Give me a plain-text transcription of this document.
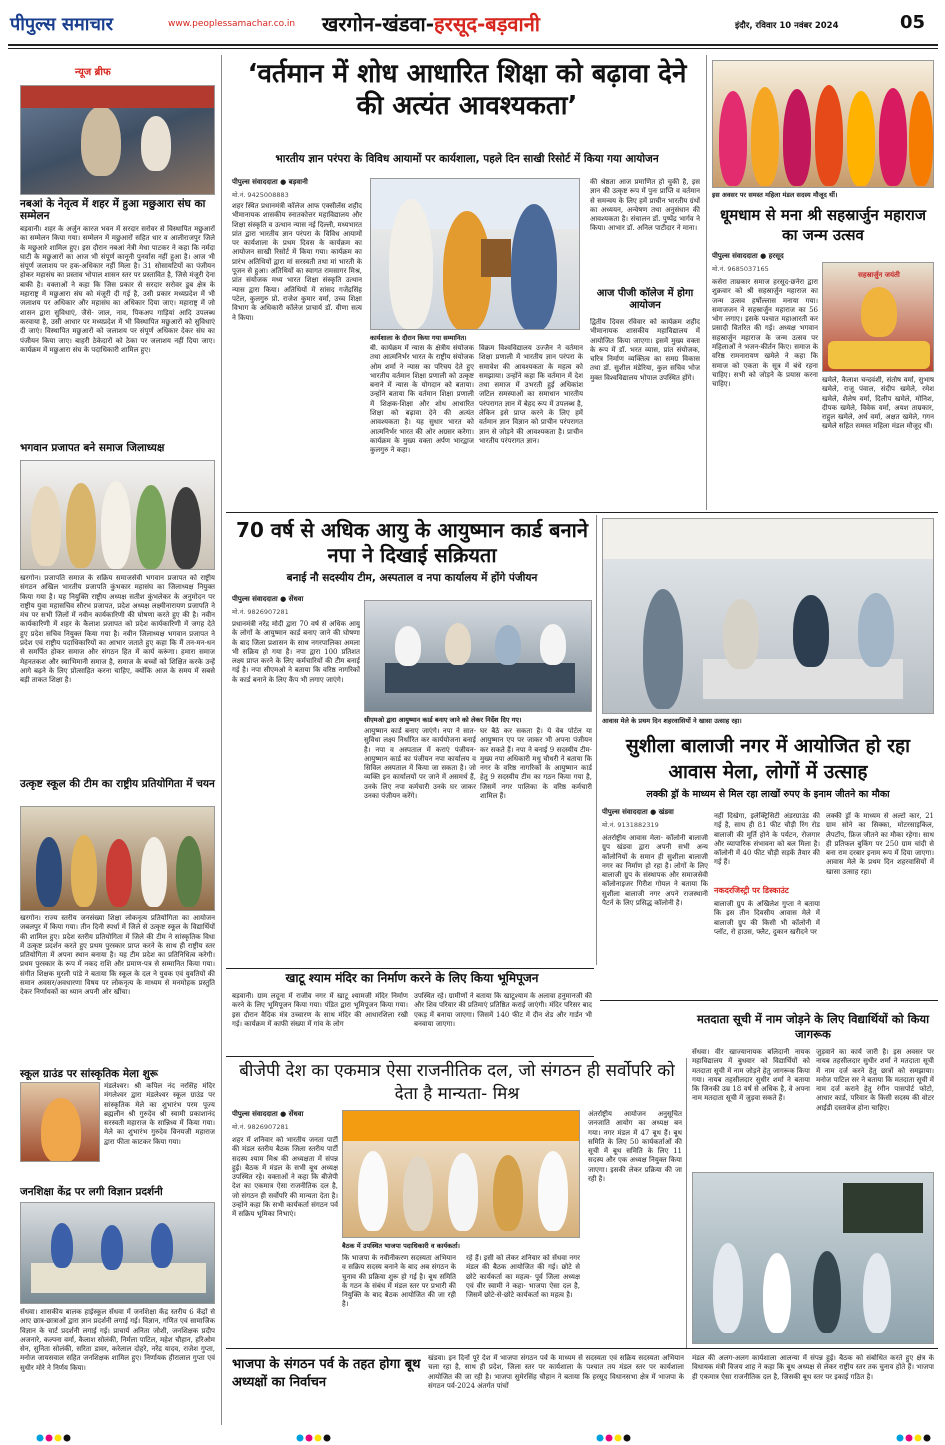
पीपुल्स समाचार	www.peoplessamachar.co.in खरगोन-खंडवा-हरसूद-बड़वानी	इंदौर, रविवार 10 नवंबर 2024	05
न्यूज ब्रीफ
नबआं के नेतृत्व में शहर में हुआ मछुआरा संघ का सम्मेलन
बड़वानी। शहर के अर्जुन कारज भवन में सरदार सरोवर से विस्थापित मछुआरों का सम्मेलन किया गया। सम्मेलन में मछुआरों सहित धार व आलीराजपुर जिले के मछुआरे शामिल हुए। इस दौरान नबआं नेत्री मेधा पाटकर ने कहा कि नर्मदा घाटी के मछुआरों का आज भी संपूर्ण कानूनी पुनर्वास नहीं हुआ है। आज भी संपूर्ण जलाशय पर हक-अधिकार नहीं मिला है। 31 सोसायटियों का पंजीयन होकर महासंघ का प्रस्ताव भोपाल शासन स्तर पर प्रस्तावित है, जिसे मंजूरी देना बाकी है। वक्ताओं ने कहा कि जिस प्रकार से सरदार सरोवर डूब क्षेत्र के महाराष्ट्र में मछुआरा संघ को मंजूरी दी गई है, उसी प्रकार मध्यप्रदेश में भी जलाशय पर अधिकार और महासंघ का अधिकार दिया जाए। महाराष्ट्र में जो शासन द्वारा सुविधाएं, जैसे- जाल, नाव, पिकअप गाड़ियां आदि उपलब्ध करवाया है, उसी आधार पर मध्यप्रदेश में भी विस्थापित मछुआरों को सुविधाएं दी जाएं। विस्थापित मछुआरों को जलाशय पर संपूर्ण अधिकार देकर संघ का पंजीयन किया जाए। बाहरी ठेकेदारों को ठेका पर जलाशय नहीं दिया जाए। कार्यक्रम में मछुआरा संघ के पदाधिकारी शामिल हुए।
भगवान प्रजापत बने समाज जिलाध्यक्ष
खरगोन। प्रजापति समाज के सक्रिय समाजसेवी भगवान प्रजापत को राष्ट्रीय संगठन अखिल भारतीय प्रजापति कुंभकार महासंघ का जिलाध्यक्ष नियुक्त किया गया है। यह नियुक्ति राष्ट्रीय अध्यक्ष सतीश कुंभलेकर के अनुमोदन पर राष्ट्रीय युवा महासचिव सौरभ प्रजापत, प्रदेश अध्यक्ष लक्ष्मीनारायण प्रजापति ने मंच पर सभी जिलों में नवीन कार्यकारिणी की घोषणा करते हुए की है। नवीन कार्यकारिणी में शहर के कैलाश प्रजापत को प्रदेश कार्यकारिणी में जगह देते हुए प्रदेश सचिव नियुक्त किया गया है। नवीन जिलाध्यक्ष भगवान प्रजापत ने प्रदेश एवं राष्ट्रीय पदाधिकारियों का आभार जताते हुए कहा कि मैं तन-मन-धन से समर्पित होकर समाज और संगठन हित में कार्य करूंगा। हमारा समाज मेहनतकश और स्वाभिमानी समाज है, समाज के बच्चों को शिक्षित करके उन्हें आगे बढ़ने के लिए प्रोत्साहित करना चाहिए, क्योंकि आज के समय में सबसे बड़ी ताकत शिक्षा है।
उत्कृष्ट स्कूल की टीम का राष्ट्रीय प्रतियोगिता में चयन
खरगोन। राज्य स्तरीय जनसंख्या शिक्षा लोकनृत्य प्रतियोगिता का आयोजन जबलपुर में किया गया। तीन दिनी स्पर्धा में जिले से उत्कृष्ट स्कूल के विद्यार्थियों की शामिल हुए। प्रदेश स्तरीय प्रतियोगिता में जिले की टीम ने सांस्कृतिक विधा में उत्कृष्ट प्रदर्शन करते हुए प्रथम पुरस्कार प्राप्त करने के साथ ही राष्ट्रीय स्तर प्रतियोगिता में अपना स्थान बनाया है। यह टीम प्रदेश का प्रतिनिधित्व करेगी। प्रथम पुरस्कार के रूप में नकद राशि और प्रमाण-पत्र से सम्मानित किया गया। संगीत शिक्षक मुरली पांडे ने बताया कि स्कूल के दल ने युवक एवं युवतियों की समान अवसर/अवधारणा विषय पर लोकनृत्य के माध्यम से मनमोहक प्रस्तुति देकर निर्णायकों का ध्यान अपनी ओर खींचा।
स्कूल ग्राउंड पर सांस्कृतिक मेला शुरू
मंडलेश्वर। श्री कपिल नंद नरसिंह मंदिर मंगलेश्वर द्वारा मंडलेश्वर स्कूल ग्राउंड पर सांस्कृतिक मेले का शुभारंभ परम पूज्य ब्रह्मलीन श्री गुरुदेव श्री स्वामी प्रकाशानंद सरस्वती महाराज के सान्निध्य में किया गया। मेले का शुभारंभ गुरुदेव विनयजी महाराज द्वारा फीता काटकर किया गया।
जनशिक्षा केंद्र पर लगी विज्ञान प्रदर्शनी
सेंधवा। शासकीय बालक हाईस्कूल सेंधवा में जनशिक्षा केंद्र स्तरीय 6 केंद्रों से आए छात्र-छात्राओं द्वारा ज्ञान प्रदर्शनी लगाई गई। विज्ञान, गणित एवं सामाजिक विज्ञान के चार्ट प्रदर्शनी लगाई गई। प्राचार्य अनिता जोशी, जनशिक्षक प्रदीप अजनारे, कल्पना वर्मा, कैलाश सोलंकी, निर्मला पाटिल, महेश चौहान, हरिओम सेन, सुनिता सोलंकी, सरिता डावर, करेलाल दोहरे, नरेंद्र यादव, राजेश गुप्ता, मनोज जायसवाल सहित जनशिक्षक शामिल हुए। निर्णायक हीरालाल गुप्ता एवं सुधीर मोरे ने निर्णय किया।
‘वर्तमान में शोध आधारित शिक्षा को बढ़ावा देने की अत्यंत आवश्यकता’
भारतीय ज्ञान परंपरा के विविध आयामों पर कार्यशाला, पहले दिन साखी रिसोर्ट में किया गया आयोजन
पीपुल्स संवाददाता ● बड़वानी
मो.नं. 9425008883
शहर स्थित प्रधानमंत्री कॉलेज आफ एक्सीलेंस शहीद भीमानायक शासकीय स्नातकोत्तर महाविद्यालय और शिक्षा संस्कृति व उत्थान न्यास नई दिल्ली, मध्यभारत प्रांत द्वारा भारतीय ज्ञान परंपरा के विविध आयामों पर कार्यशाला के प्रथम दिवस के कार्यक्रम का आयोजन साखी रिसोर्ट में किया गया। कार्यक्रम का प्रारंभ अतिथियों द्वारा मां सरस्वती तथा मां भारती के पूजन से हुआ। अतिथियों का स्वागत रामसागर मिश्र, प्रांत संयोजक मध्य भारत शिक्षा संस्कृति उत्थान न्यास द्वारा किया। अतिथियों में सांसद गजेंद्रसिंह पटेल, कुलगुरु प्रो. राजेश कुमार वर्मा, उच्च शिक्षा विभाग के अधिकारी कॉलेज प्राचार्य डॉ. वीणा सत्य ने किया।
कार्यशाला के दौरान किया गया सम्मानित।
बी. कार्यक्रम में न्यास के क्षेत्रीय संयोजक तथा आत्मनिर्भर भारत के राष्ट्रीय संयोजक ओम शर्मा ने न्यास का परिचय देते हुए भारतीय वर्तमान शिक्षा प्रणाली को उत्कृष्ट बनाने में न्यास के योगदान को बताया। उन्होंने बताया कि वर्तमान शिक्षा प्रणाली में शिक्षक-शिक्षा और शोध आधारित शिक्षा को बढ़ावा देने की अत्यंत आवश्यकता है। यह सुधार भारत को आत्मनिर्भर भारत की ओर अग्रसर करेगा। कार्यक्रम के मुख्य वक्ता अर्पण भारद्वाज कुलगुरु ने कहा।
विक्रम विश्वविद्यालय उज्जैन ने वर्तमान शिक्षा प्रणाली में भारतीय ज्ञान परंपरा के समावेश की आवश्यकता के महत्व को समझाया। उन्होंने कहा कि वर्तमान में देश तथा समाज में उभरती हुई अधिकांश जटिल समस्याओं का समाधान भारतीय परंपरागत ज्ञान में बेहद रूप में उपलब्ध है, लेकिन इसे प्राप्त करने के लिए हमें वर्तमान ज्ञान विज्ञान को प्राचीन परंपरागत ज्ञान से जोड़ने की आवश्यकता है। प्राचीन भारतीय परंपरागत ज्ञान।
की श्रेष्ठता आज प्रमाणित हो चुकी है, इस ज्ञान की उत्कृष्ट रूप में पुनः प्राप्ति व वर्तमान से समन्वय के लिए हमें प्राचीन भारतीय ग्रंथों का अध्ययन, अन्वेषण तथा अनुसंधान की आवश्यकता है। संचालन डॉ. पुष्पेंद्र भार्गव ने किया। आभार डॉ. अनिल पाटीदार ने माना।
आज पीजी कॉलेज में होगा आयोजन
द्वितीय दिवस रविवार को कार्यक्रम शहीद भीमानायक शासकीय महाविद्यालय में आयोजित किया जाएगा। इसमें मुख्य वक्ता के रूप में डॉ. भरत व्यास, प्रांत संयोजक, चरित्र निर्माण व्यक्तित्व का समग्र विकास तथा डॉ. सुशील मंडेरिया, कुल सचिव भोज मुक्त विश्वविद्यालय भोपाल उपस्थित होंगे।
इस अवसर पर समस्त महिला मंडल सदस्य मौजूद थीं।
धूमधाम से मना श्री सहस्रार्जुन महाराज का जन्म उत्सव
पीपुल्स संवाददाता ● हरसूद
मो.नं. 9685037165
सहस्रार्जुन जयंती
कसेरा ताम्रकार समाज हरसूद-छनेरा द्वारा शुक्रवार को श्री सहस्रार्जुन महाराज का जन्म उत्सव हर्षोल्लास मनाया गया। समाजजन ने सहस्रार्जुन महाराज का 56 भोग लगाए। इसके पश्चात महाआरती कर प्रसादी वितरित की गई। अध्यक्ष भगवान सहस्रार्जुन महाराज के जन्म उत्सव पर महिलाओं ने भजन-कीर्तन किए। समाज के वरिष्ठ रामनारायण खमेले ने कहा कि समाज को एकता के सूत्र में बंधे रहना चाहिए। सभी को जोड़ने के प्रयास करना चाहिए।
खमेले, कैलाश चन्दवंशी, संतोष वर्मा, सुभाष खमेले, राजू पंवाल, संदीप खमेले, रमेश खमेले, शैलेष वर्मा, दिलीप खमेले, मोनिश, दीपक खमेले, विवेक वर्मा, अयश ताम्रकार, राहुल खमेले, अर्थ वर्मा, अक्षत खमेले, गगन खमेले सहित समस्त महिला मंडल मौजूद थीं।
70 वर्ष से अधिक आयु के आयुष्मान कार्ड बनाने नपा ने दिखाई सक्रियता
बनाई नौ सदस्यीय टीम, अस्पताल व नपा कार्यालय में होंगे पंजीयन
पीपुल्स संवाददाता ● सेंधवा
मो.नं. 9826907281
प्रधानमंत्री नरेंद्र मोदी द्वारा 70 वर्ष से अधिक आयु के लोगों के आयुष्मान कार्ड बनाए जाने की घोषणा के बाद जिला प्रशासन के साथ नगरपालिका अमला भी सक्रिय हो गया है। नपा द्वारा 100 प्रतिशत लक्ष्य प्राप्त करने के लिए कर्मचारियों की टीम बनाई गई है। नपा सीएमओ ने बताया कि वरिष्ठ नागरिकों के कार्ड बनाने के लिए कैंप भी लगाए जाएंगे।
सीएमओ द्वारा आयुष्मान कार्ड बनाए जाने को लेकर निर्देश दिए गए।
आयुष्मान कार्ड बनाए जाएंगे। नपा ने सात-सुविधा लक्ष्य निर्धारित कर कार्ययोजना बनाई है। नपा व अस्पताल में कराएं पंजीयन- आयुष्मान कार्ड का पंजीयन नपा कार्यालय व सिविल अस्पताल में किया जा सकता है। जो व्यक्ति इन कार्यालयों पर जाने में असमर्थ हैं, उनके लिए नपा कर्मचारी उनके घर जाकर उनका पंजीयन करेंगे।
घर बैठे कर सकता है। ये वेब पोर्टल या आयुष्मान एप पर जाकर भी अपना पंजीयन कर सकते हैं। नपा ने बनाई 9 सदस्यीय टीम- मुख्य नपा अधिकारी मधु चौधरी ने बताया कि नगर के वरिष्ठ नागरिकों के आयुष्मान कार्ड हेतु 9 सदस्यीय टीम का गठन किया गया है, जिसमें नगर पालिका के वरिष्ठ कर्मचारी शामिल हैं।
आवास मेले के प्रथम दिन शहरवासियों ने खासा उत्साह रहा।
सुशीला बालाजी नगर में आयोजित हो रहा आवास मेला, लोगों में उत्साह
लक्की ड्रॉ के माध्यम से मिल रहा लाखों रुपए के इनाम जीतने का मौका
पीपुल्स संवाददाता ● खंडवा
मो.नं. 9131882319
अंतर्राष्ट्रीय आवास मेला- कॉलोनी बालाजी ग्रुप खंडवा द्वारा अपनी सभी अन्य कॉलोनियों के समान ही सुशीला बालाजी नगर का निर्माण हो रहा है। लोगों के लिए बालाजी ग्रुप के संस्थापक और समाजसेवी कॉलोनाइजर गिरीश गोयल ने बताया कि सुशीला बालाजी नगर अपने राजस्थानी पैटर्न के लिए प्रसिद्ध कॉलोनी है।
नहीं दिखेगा, इलेक्ट्रिसिटी अंडरग्राउंड की गई है, साथ ही 81 फीट चौड़ी रिंग रोड बालाजी की मूर्ति होने के पर्यटन, रोजगार और व्यापारिक संभावना को बल मिला है। कॉलोनी में 40 फीट चौड़ी सड़कें तैयार की गई हैं।
नकदरजिस्ट्री पर डिस्काउंट
बालाजी ग्रुप के अखिलेश गुप्ता ने बताया कि इस तीन दिवसीय आवास मेले में बालाजी ग्रुप की किसी भी कॉलोनी में प्लॉट, रो हाउस, फ्लैट, दुकान खरीदने पर
लक्की ड्रॉ के माध्यम से अल्टो कार, 21 ग्राम सोने का सिक्का, मोटरसाइकिल, लैपटॉप, फ्रिज जीतने का मौका रहेगा। साथ ही प्रतिफल बुकिंग पर 250 ग्राम चांदी से बना राम दरबार इनाम रूप में दिया जाएगा। आवास मेले के प्रथम दिन शहरवासियों में खासा उत्साह रहा।
खाटू श्याम मंदिर का निर्माण करने के लिए किया भूमिपूजन
बड़वानी। ग्राम लदूना में राजीव नगर में खाटू श्यामजी मंदिर निर्माण करने के लिए भूमिपूजन किया गया। पंडित द्वारा भूमिपूजन किया गया। इस दौरान वैदिक मंत्र उच्चारण के साथ मंदिर की आधारशिला रखी गई। कार्यक्रम में काफी संख्या में गांव के लोग
उपस्थित रहे। ग्रामीणों ने बताया कि खाटूश्याम के अलावा हनुमानजी की और शिव परिवार की प्रतिमाएं प्रतिष्ठित कराई जाएंगी। मंदिर परिसर बाद एकड़ में बनाया जाएगा। जिसमें 140 फीट में दीन शेड और गार्डन भी बनवाया जाएगा।
बीजेपी देश का एकमात्र ऐसा राजनीतिक दल, जो संगठन ही सर्वोपरि को देता है मान्यता- मिश्र
पीपुल्स संवाददाता ● सेंधवा
मो.नं. 9826907281
शहर में शनिवार को भारतीय जनता पार्टी की मंडल स्तरीय बैठक जिला स्तरीय पार्टी सदस्य श्याम मिश्र की अध्यक्षता में संपन्न हुई। बैठक में मंडल के सभी बूथ अध्यक्ष उपस्थित रहे। वक्ताओं ने कहा कि बीजेपी देश का एकमात्र ऐसा राजनीतिक दल है, जो संगठन ही सर्वोपरि की मान्यता देता है। उन्होंने कहा कि सभी कार्यकर्ता संगठन पर्व में सक्रिय भूमिका निभाएं।
बैठक में उपस्थित भाजपा पदाधिकारी व कार्यकर्ता।
कि भाजपा के नवीनीकरण सदस्यता अभियान व सक्रिय सदस्य बनाने के बाद अब संगठन के चुनाव की प्रक्रिया शुरू हो गई है। बूथ समिति के गठन के संबंध में मंडल स्तर पर प्रभारी की नियुक्ति के बाद बैठक आयोजित की जा रही है।
रहे हैं। इसी को लेकर शनिवार को सेंधवा नगर मंडल की बैठक आयोजित की गई। छोटे से छोटे कार्यकर्ता का महत्व- पूर्व जिला अध्यक्ष एवं वीर स्वामी ने कहा- भाजपा ऐसा दल है, जिसमें छोटे-से-छोटे कार्यकर्ता का महत्व है।
अंतर्राष्ट्रीय आयोजन अनुसूचित जनजाति आयोग का अध्यक्ष बन गया। नगर मंडल में 47 बूथ हैं। बूथ समिति के लिए 50 कार्यकर्ताओं की सूची में बूथ समिति के लिए 11 सदस्य और एक अध्यक्ष नियुक्त किया जाएगा। इसकी लेकर प्रक्रिया की जा रही है।
मतदाता सूची में नाम जोड़ने के लिए विद्यार्थियों को किया जागरूक
सेंधवा। वीर खाज्यानायक बलिदानी नायक महाविद्यालय में बुधवार को विद्यार्थियों को मतदाता सूची में नाम जोड़ने हेतु जागरूक किया गया। नायब तहसीलदार सुधीर शर्मा ने बताया कि जिनकी उम्र 18 वर्ष से अधिक है, वे अपना नाम मतदाता सूची में जुड़वा सकते हैं।
जुड़वाने का कार्य जारी है। इस अवसर पर नायब तहसीलदार सुधीर शर्मा ने मतदाता सूची में नाम दर्ज करने हेतु छात्रों को समझाया। मनोज पाटिल सर ने बताया कि मतदाता सूची में नाम दर्ज कराने हेतु रंगीन पासपोर्ट फोटो, आधार कार्ड, परिवार के किसी सदस्य की वोटर आईडी दस्तावेज होना चाहिए।
भाजपा के संगठन पर्व के तहत होगा बूथ अध्यक्षों का निर्वाचन
खंडवा। इन दिनों पूरे देश में भाजपा संगठन पर्व के माध्यम से सदस्यता एवं सक्रिय सदस्यता अभियान चला रहा है, साथ ही प्रदेश, जिला स्तर पर कार्यशाला के पश्चात तय मंडल स्तर पर कार्यशाला आयोजित की जा रही है। भाजपा सुमेरसिंह चौहान ने बताया कि हरसूद विधानसभा क्षेत्र में भाजपा के संगठन पर्व-2024 अंतर्गत पांचों
मंडल की अलग-अलग कार्यशाला आलन्या में संपन्न हुई। बैठक को संबोधित करते हुए क्षेत्र के विधायक मंत्री विजय शाह ने कहा कि बूथ अध्यक्ष से लेकर राष्ट्रीय स्तर तक चुनाव होते हैं। भाजपा ही एकमात्र ऐसा राजनीतिक दल है, जिसकी बूथ स्तर पर इकाई गठित है।
